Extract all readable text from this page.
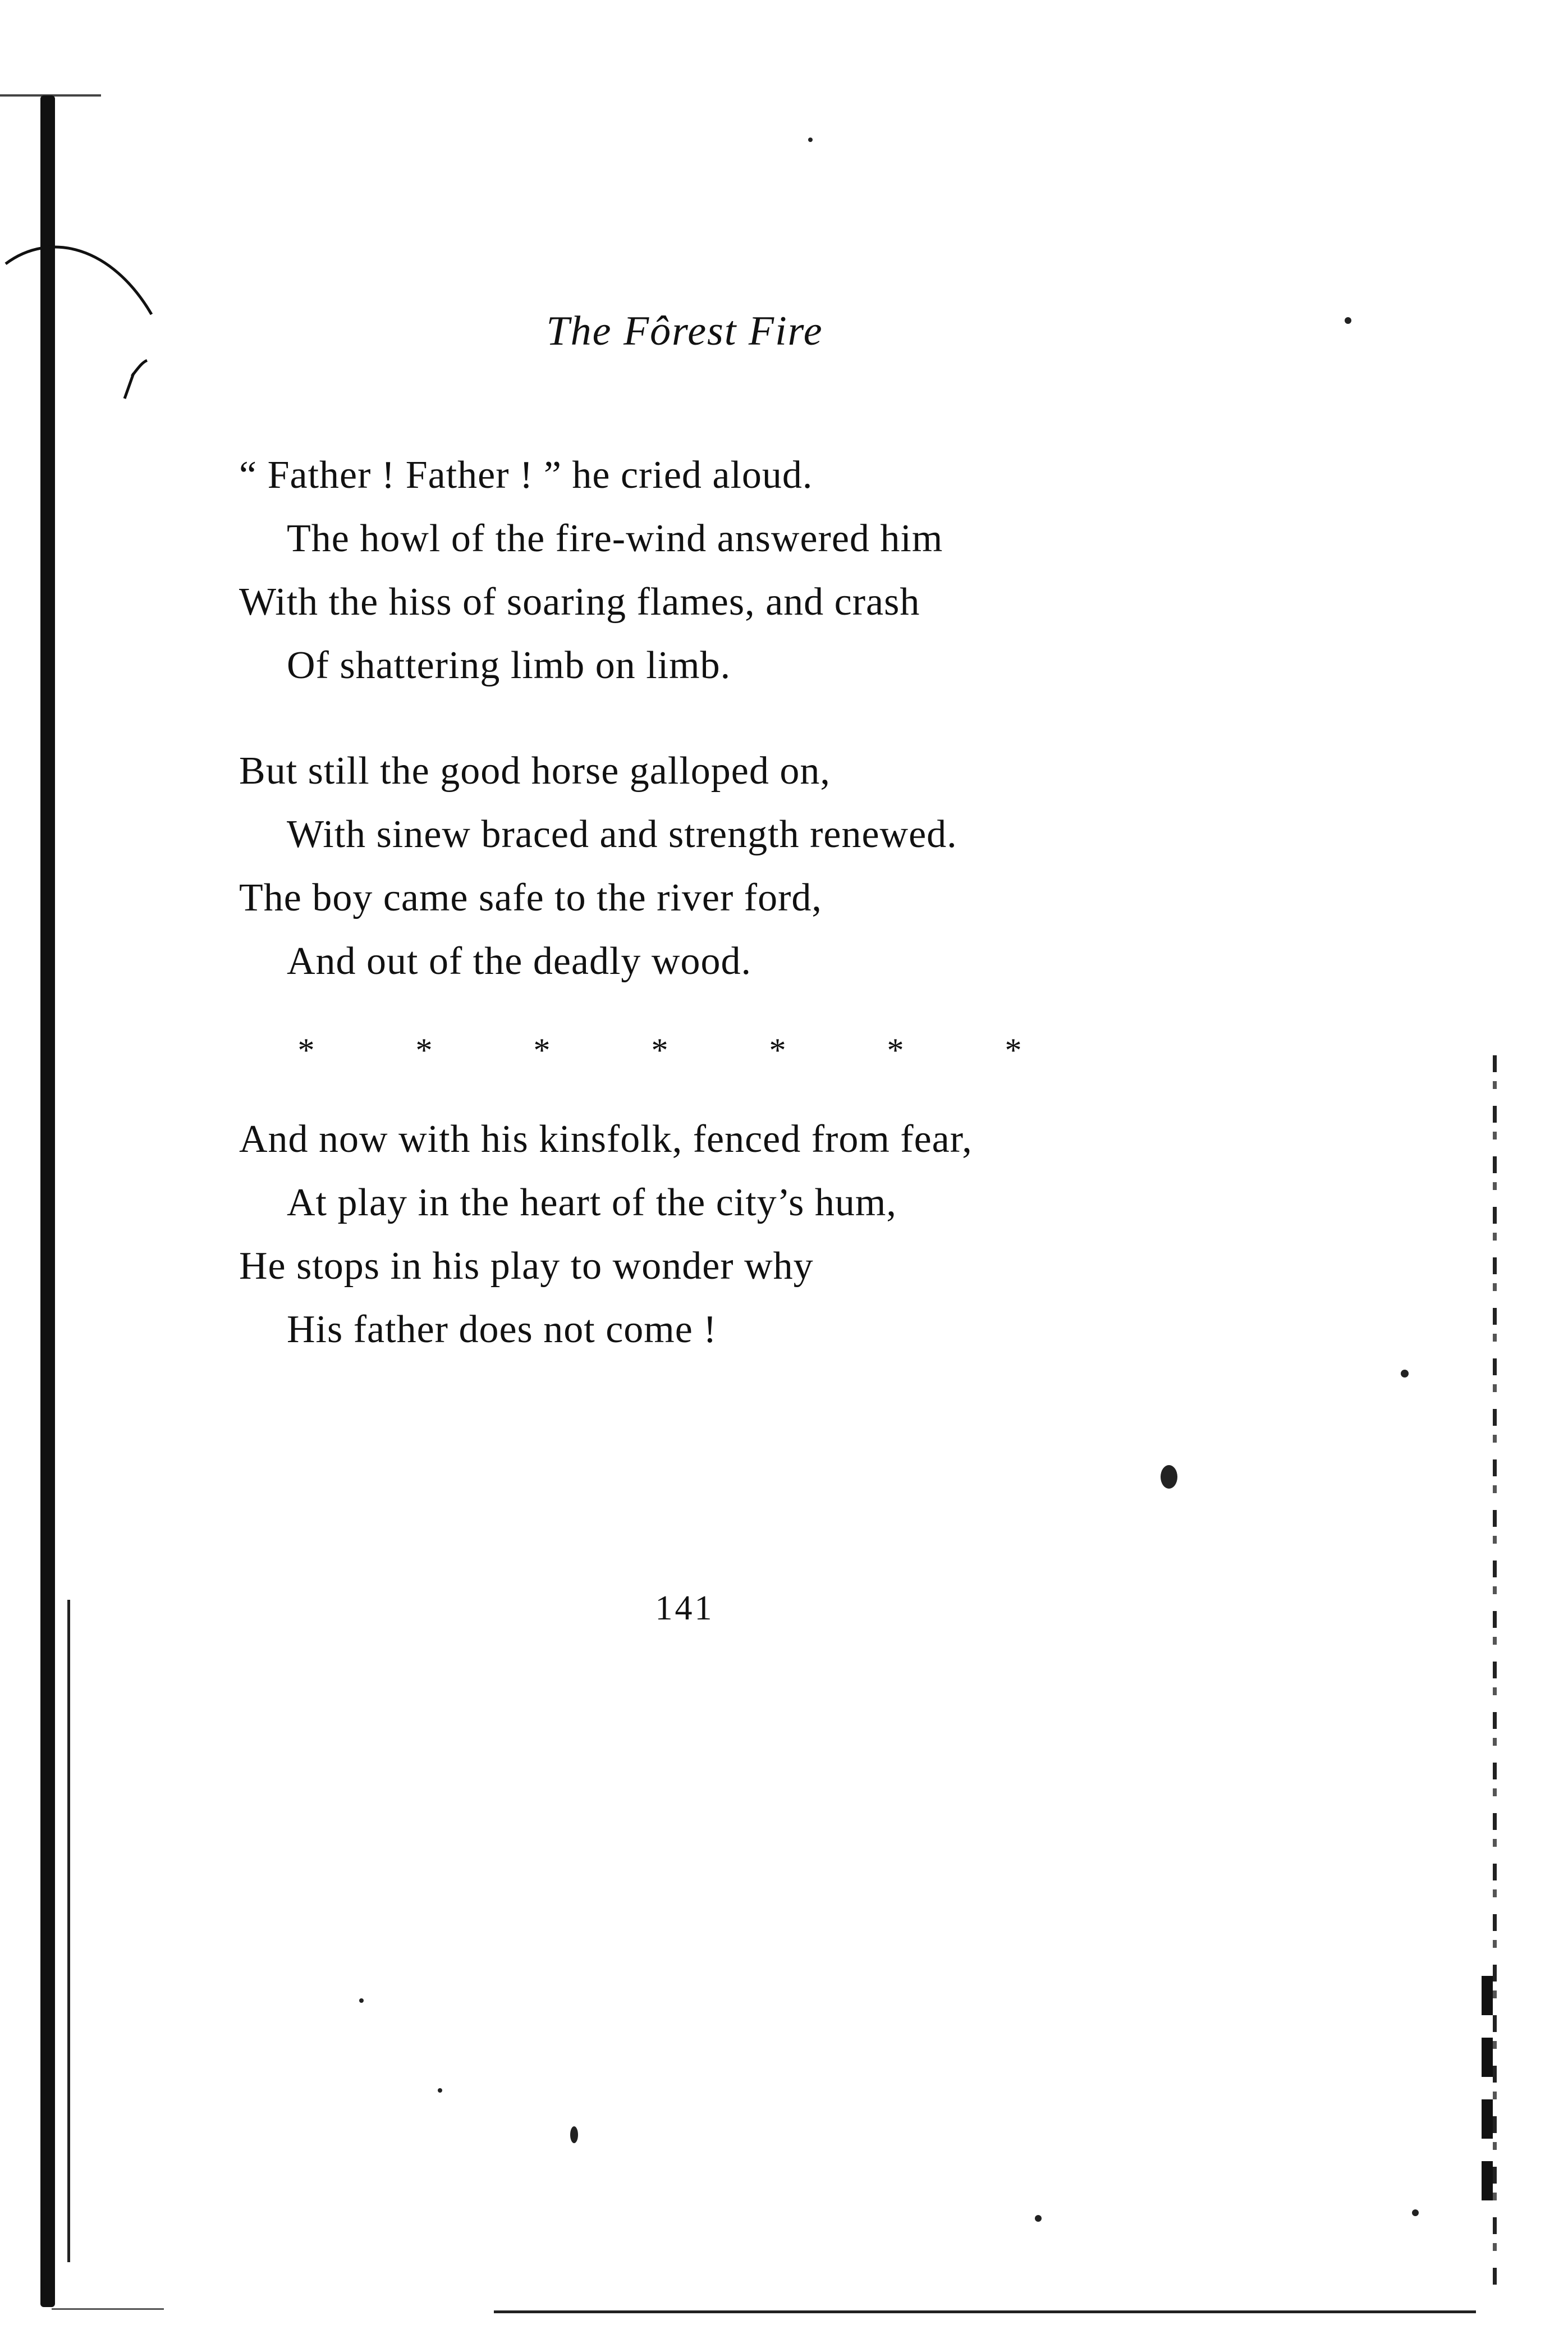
The Fôrest Fire
“ Father ! Father ! ” he cried aloud.
The howl of the fire-wind answered him
With the hiss of soaring flames, and crash
Of shattering limb on limb.
But still the good horse galloped on,
With sinew braced and strength renewed.
The boy came safe to the river ford,
And out of the deadly wood.
*	*	*	*	*	*	*
And now with his kinsfolk, fenced from fear,
At play in the heart of the city’s hum,
He stops in his play to wonder why
His father does not come !
141
